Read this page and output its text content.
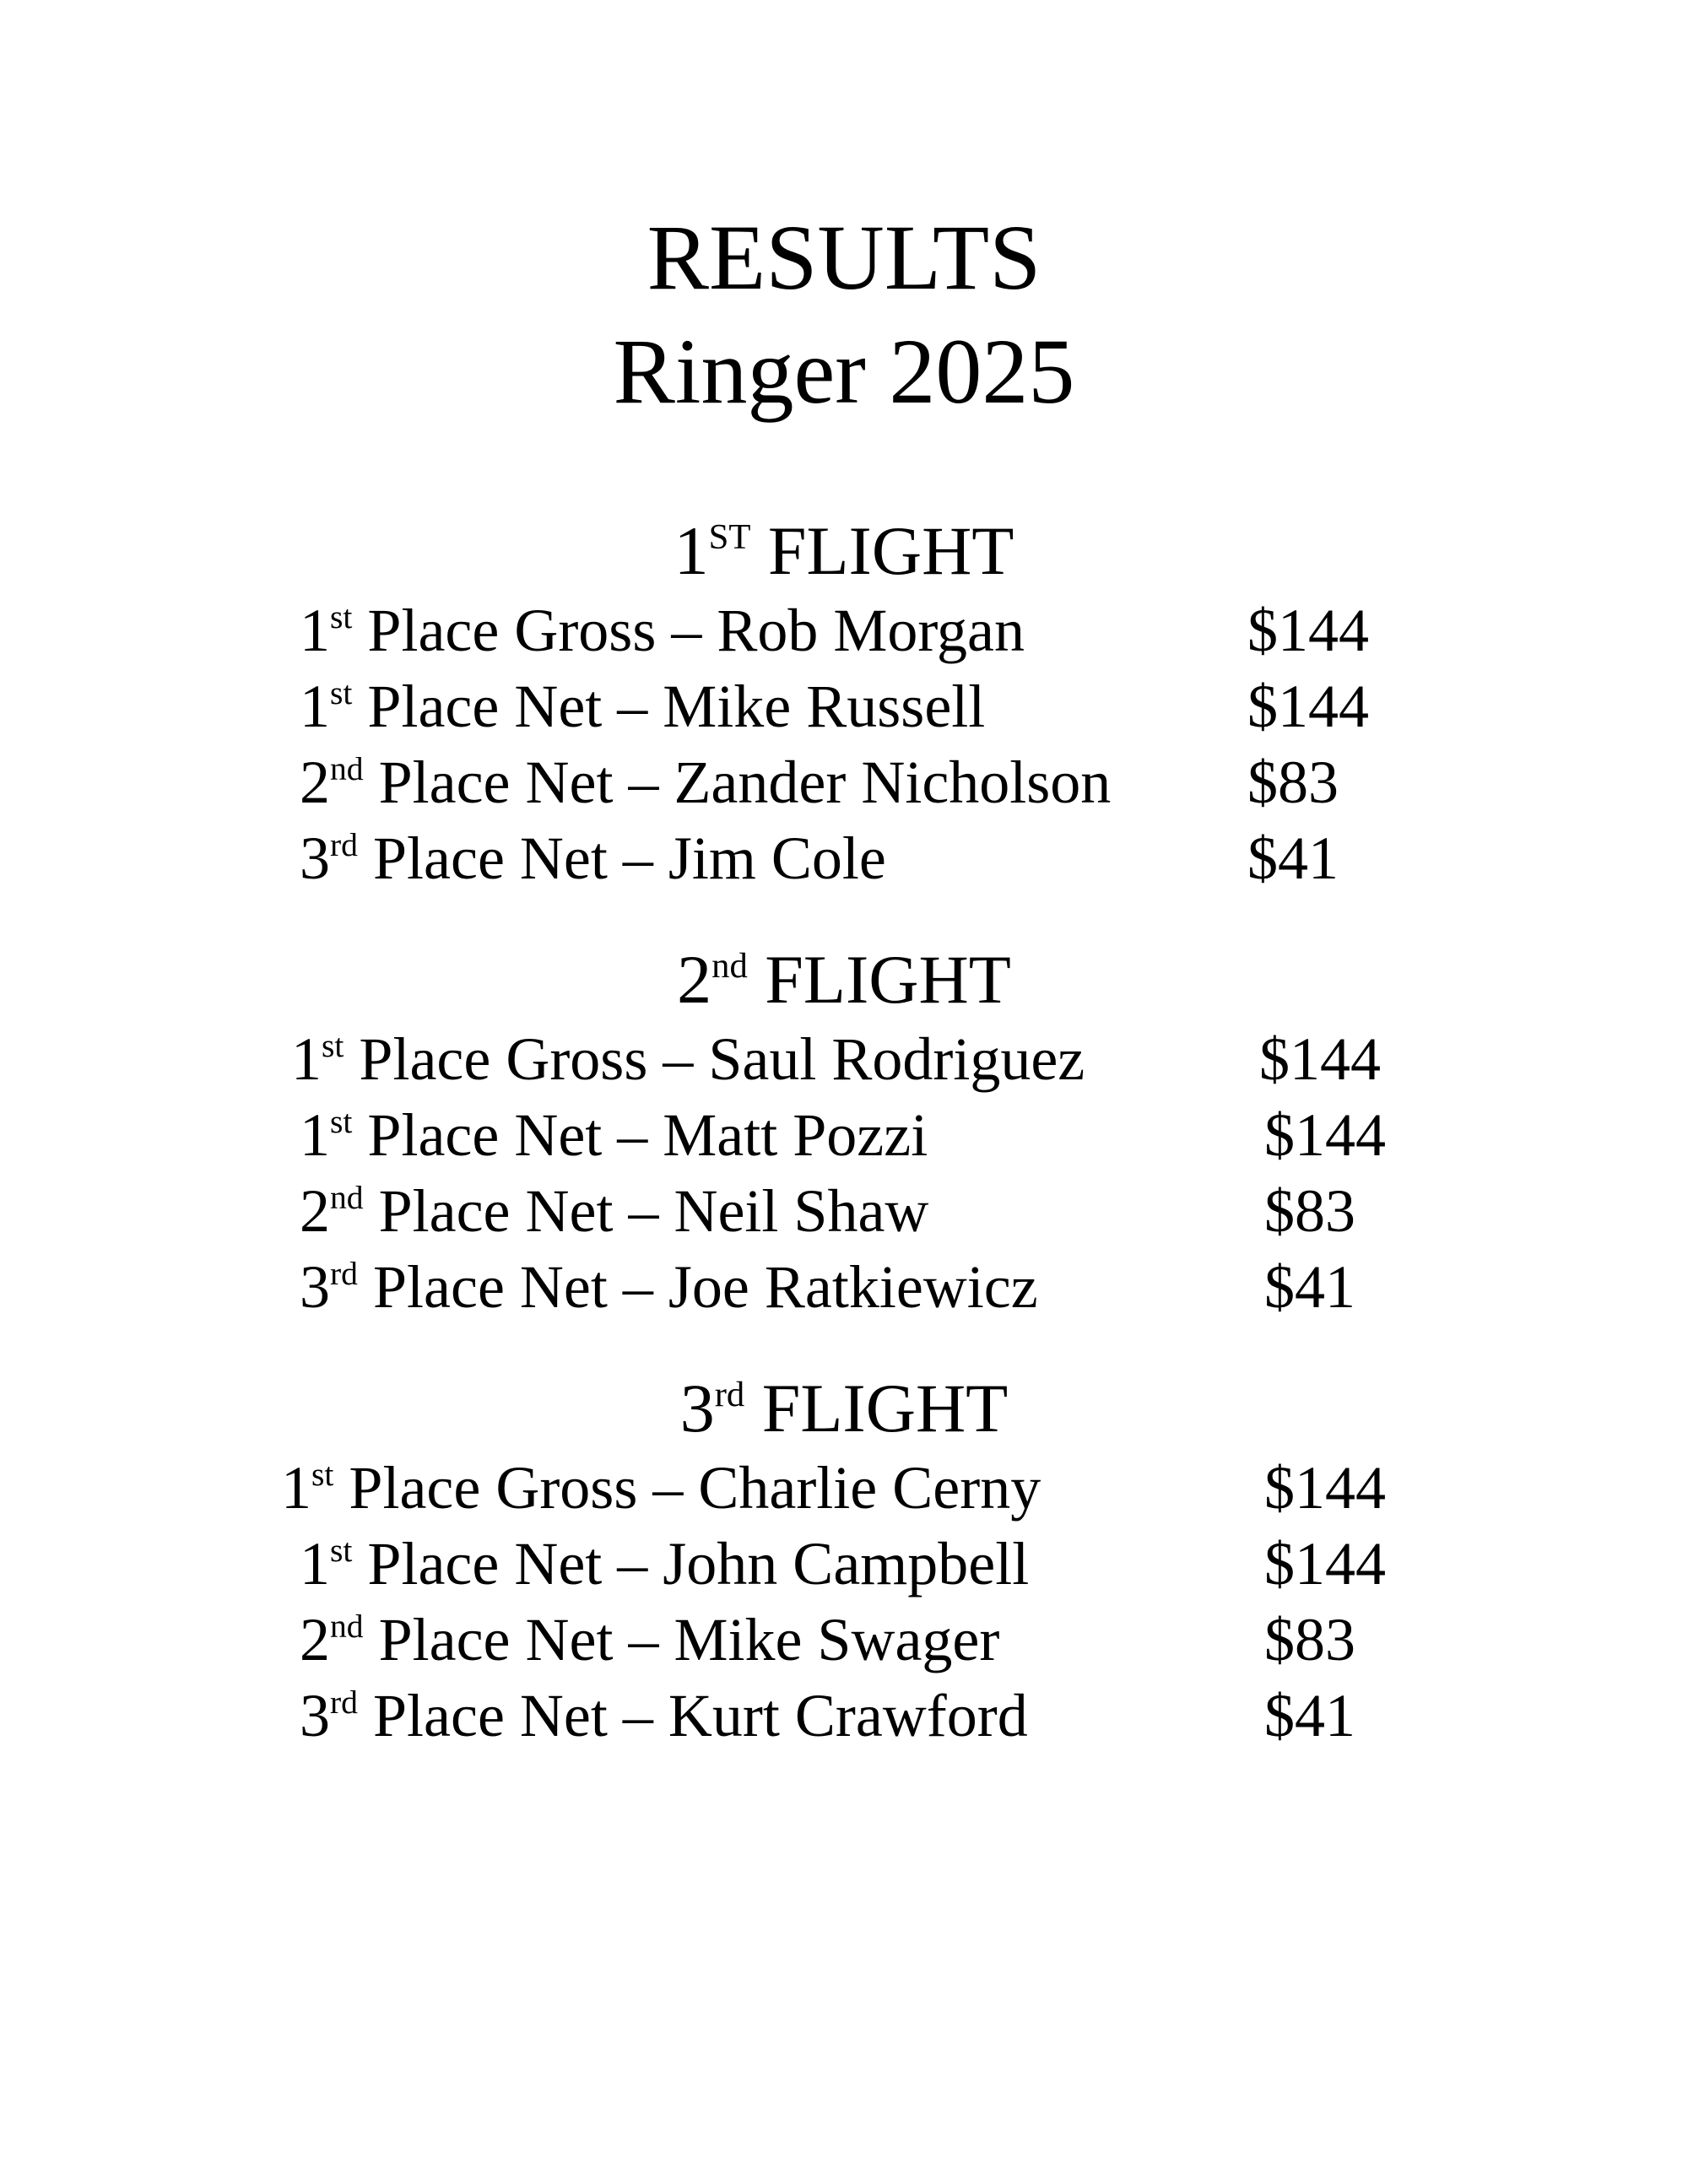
RESULTS
Ringer 2025
1ST FLIGHT
1st Place Gross – Rob Morgan	$144
1st Place Net – Mike Russell	$144
2nd Place Net – Zander Nicholson $83
3rd Place Net – Jim Cole	$41
2nd FLIGHT
1st Place Gross – Saul Rodriguez	$144
1st Place Net – Matt Pozzi	$144
2nd Place Net – Neil Shaw	$83
3rd Place Net – Joe Ratkiewicz	$41
3rd FLIGHT
1st Place Gross – Charlie Cerny	$144
1st Place Net – John Campbell	$144
2nd Place Net – Mike Swager	$83
3rd Place Net – Kurt Crawford	$41
